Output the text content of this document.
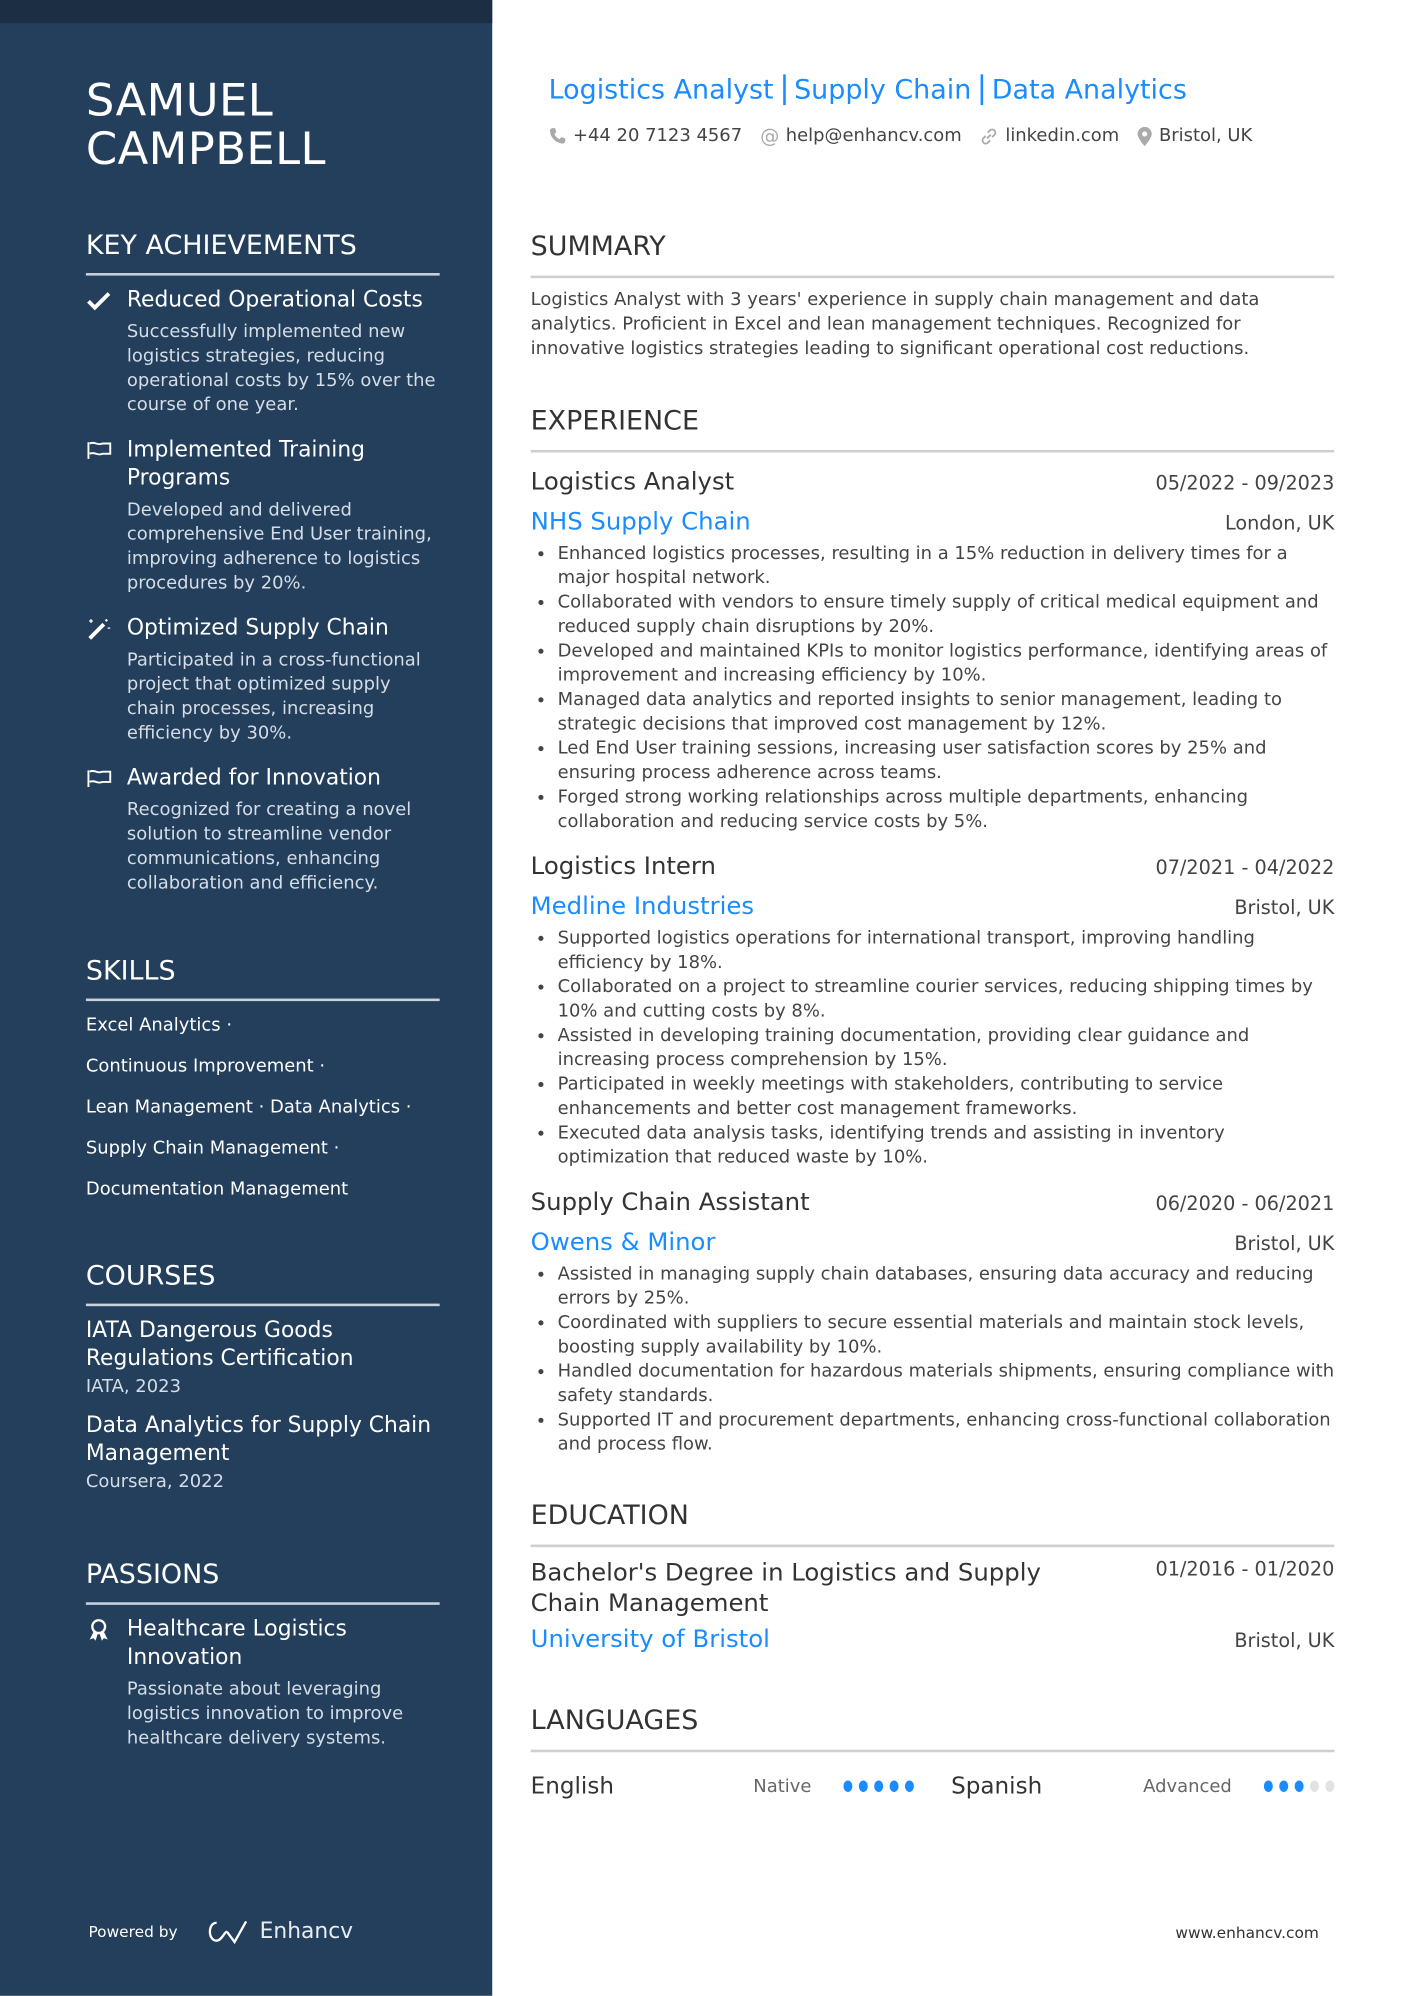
SAMUEL
CAMPBELL
KEY ACHIEVEMENTS
Reduced Operational Costs
Successfully implemented new logistics strategies, reducing operational costs by 15% over the course of one year.
Implemented Training Programs
Developed and delivered comprehensive End User training, improving adherence to logistics procedures by 20%.
Optimized Supply Chain
Participated in a cross-functional project that optimized supply chain processes, increasing efficiency by 30%.
Awarded for Innovation
Recognized for creating a novel solution to streamline vendor communications, enhancing collaboration and efficiency.
SKILLS
Excel Analytics ·
Continuous Improvement ·
Lean Management · Data Analytics ·
Supply Chain Management ·
Documentation Management
COURSES
IATA Dangerous Goods Regulations Certification
IATA, 2023
Data Analytics for Supply Chain Management
Coursera, 2022
PASSIONS
Healthcare Logistics Innovation
Passionate about leveraging logistics innovation to improve healthcare delivery systems.
Powered by	Enhancv
Logistics Analyst Supply Chain Data Analytics
+44 20 7123 4567 @ help@enhancv.com	linkedin.com	Bristol, UK
SUMMARY
Logistics Analyst with 3 years' experience in supply chain management and data analytics. Proficient in Excel and lean management techniques. Recognized for innovative logistics strategies leading to significant operational cost reductions.
EXPERIENCE
Logistics Analyst	05/2022 - 09/2023
NHS Supply Chain	London, UK
• Enhanced logistics processes, resulting in a 15% reduction in delivery times for a major hospital network.
• Collaborated with vendors to ensure timely supply of critical medical equipment and reduced supply chain disruptions by 20%.
• Developed and maintained KPIs to monitor logistics performance, identifying areas of improvement and increasing efficiency by 10%.
• Managed data analytics and reported insights to senior management, leading to strategic decisions that improved cost management by 12%.
• Led End User training sessions, increasing user satisfaction scores by 25% and ensuring process adherence across teams.
• Forged strong working relationships across multiple departments, enhancing collaboration and reducing service costs by 5%.
Logistics Intern	07/2021 - 04/2022
Medline Industries	Bristol, UK
• Supported logistics operations for international transport, improving handling efficiency by 18%.
• Collaborated on a project to streamline courier services, reducing shipping times by 10% and cutting costs by 8%.
• Assisted in developing training documentation, providing clear guidance and increasing process comprehension by 15%.
• Participated in weekly meetings with stakeholders, contributing to service enhancements and better cost management frameworks.
• Executed data analysis tasks, identifying trends and assisting in inventory optimization that reduced waste by 10%.
Supply Chain Assistant	06/2020 - 06/2021
Owens & Minor	Bristol, UK
• Assisted in managing supply chain databases, ensuring data accuracy and reducing errors by 25%.
• Coordinated with suppliers to secure essential materials and maintain stock levels, boosting supply availability by 10%.
• Handled documentation for hazardous materials shipments, ensuring compliance with safety standards.
• Supported IT and procurement departments, enhancing cross-functional collaboration and process flow.
EDUCATION
Bachelor's Degree in Logistics and Supply Chain Management
01/2016 - 01/2020
University of Bristol	Bristol, UK
LANGUAGES
English	Native	Spanish	Advanced
www.enhancv.com
